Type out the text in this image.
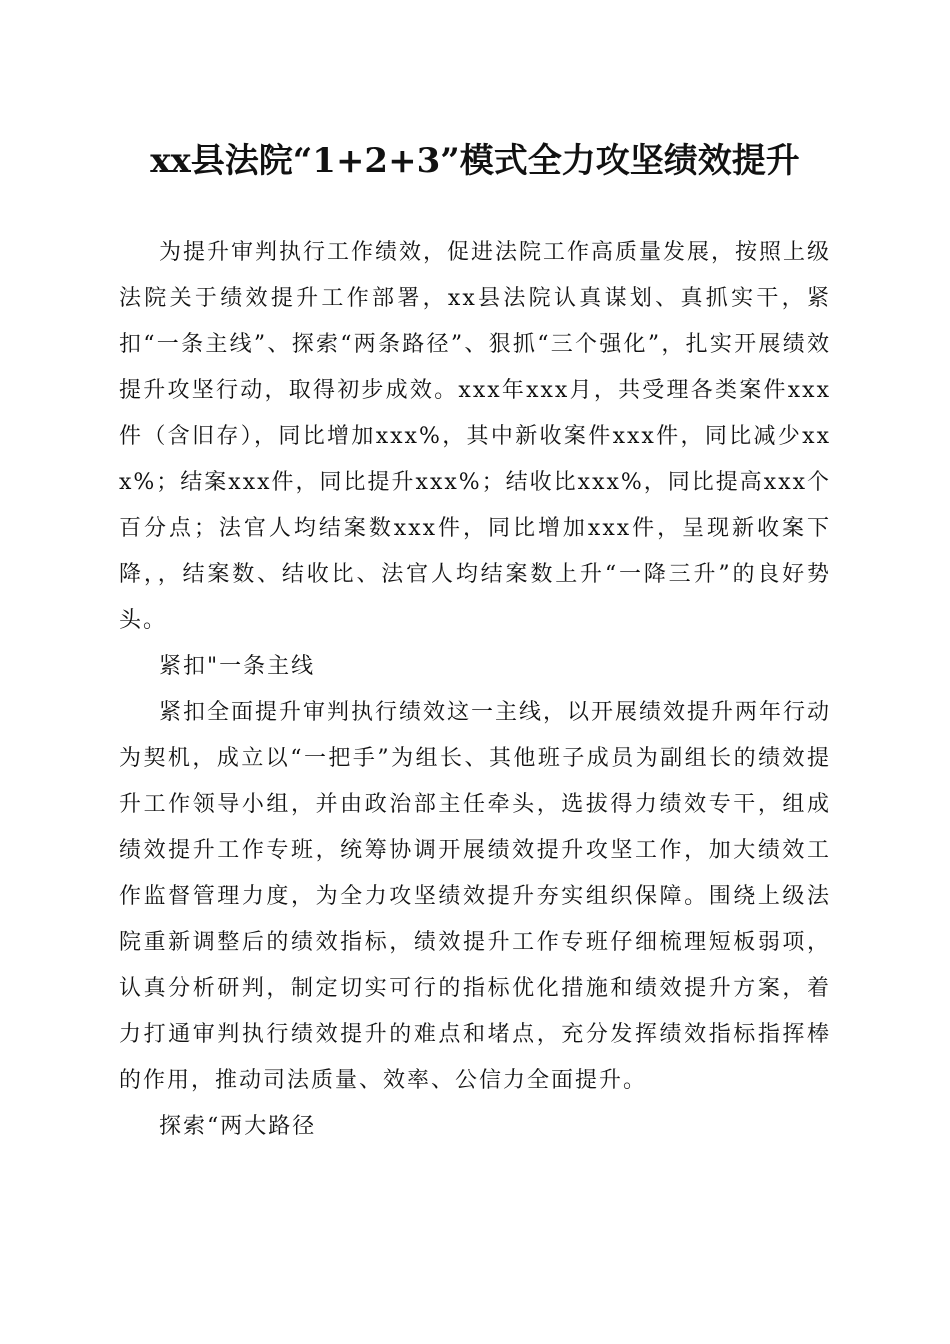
xx县法院“1+2+3”模式全力攻坚绩效提升

为提升审判执行工作绩效，促进法院工作高质量发展，按照上级法院关于绩效提升工作部署，xx县法院认真谋划、真抓实干，紧扣“一条主线”、探索“两条路径”、狠抓“三个强化”，扎实开展绩效提升攻坚行动，取得初步成效。xxx年xxx月，共受理各类案件xxx件（含旧存），同比增加xxx%，其中新收案件xxx件，同比减少xxx%；结案xxx件，同比提升xxx%；结收比xxx%，同比提高xxx个百分点；法官人均结案数xxx件，同比增加xxx件，呈现新收案下降，，结案数、结收比、法官人均结案数上升“一降三升”的良好势头。

紧扣"一条主线

紧扣全面提升审判执行绩效这一主线，以开展绩效提升两年行动为契机，成立以“一把手”为组长、其他班子成员为副组长的绩效提升工作领导小组，并由政治部主任牵头，选拔得力绩效专干，组成绩效提升工作专班，统筹协调开展绩效提升攻坚工作，加大绩效工作监督管理力度，为全力攻坚绩效提升夯实组织保障。围绕上级法院重新调整后的绩效指标，绩效提升工作专班仔细梳理短板弱项，认真分析研判，制定切实可行的指标优化措施和绩效提升方案，着力打通审判执行绩效提升的难点和堵点，充分发挥绩效指标指挥棒的作用，推动司法质量、效率、公信力全面提升。

探索“两大路径
